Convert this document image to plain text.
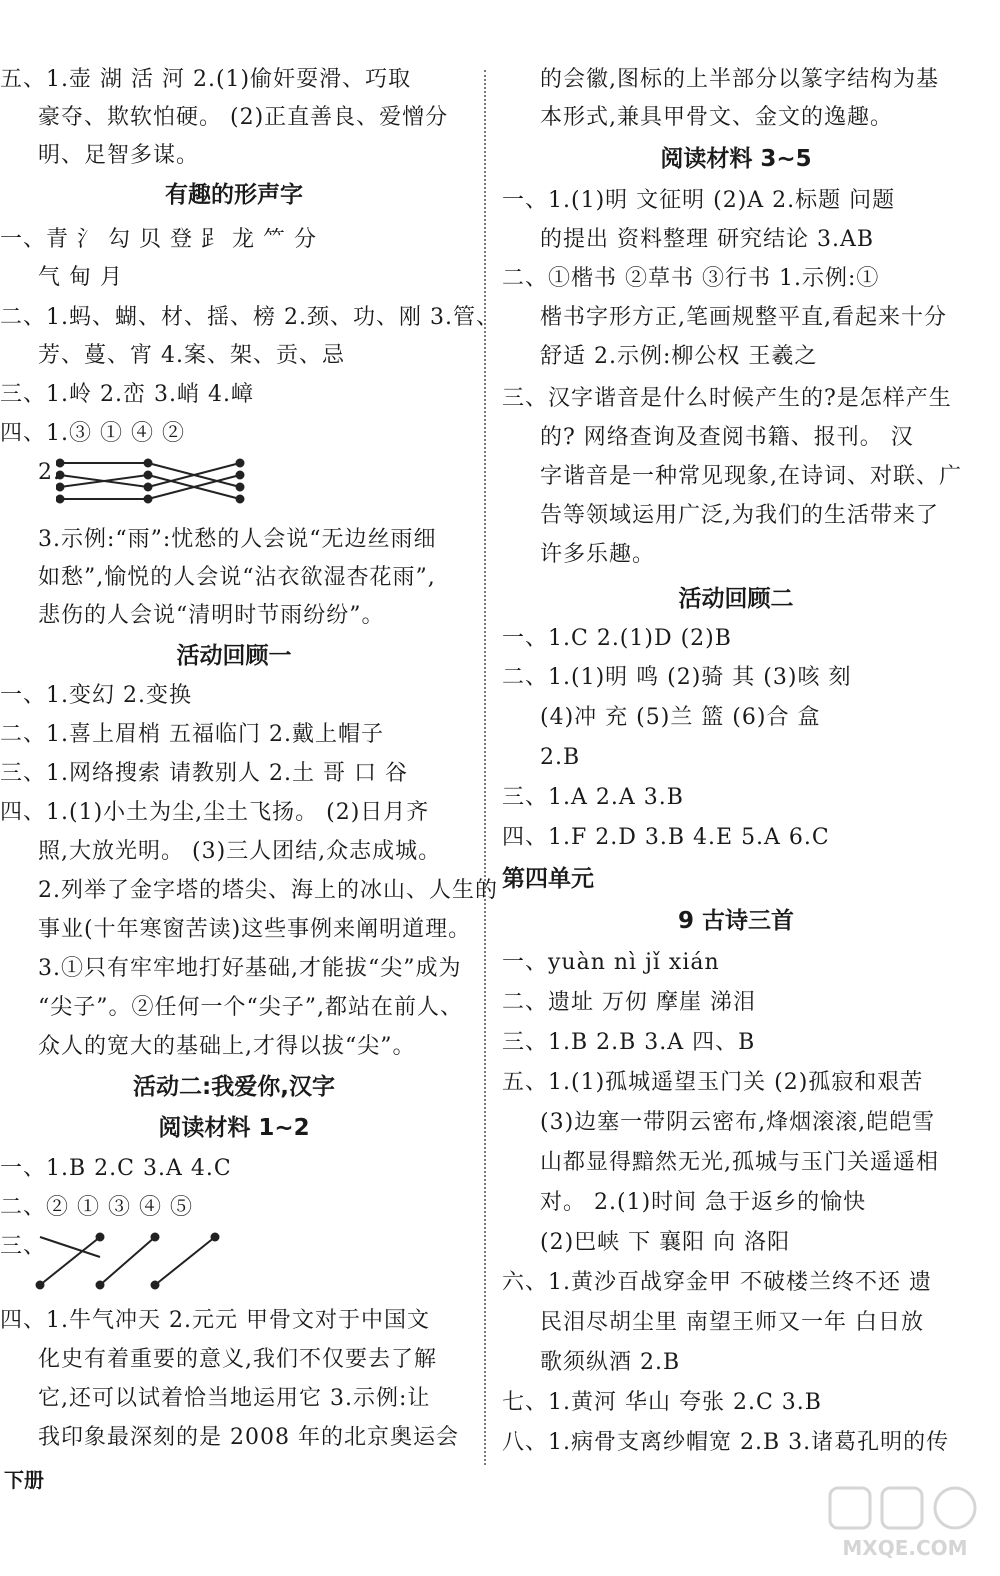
五、1.壶 湖 活 河 2.(1)偷奸耍滑、巧取
豪夺、欺软怕硬。 (2)正直善良、爱憎分
明、足智多谋。
一、青 氵 勾 贝 登 𧾷 龙 ⺮ 分
气 甸 月
二、1.蚂、蝴、材、揺、榜 2.颈、功、刚 3.管、
芳、蔓、宵 4.案、架、贡、忌
三、1.岭 2.峦 3.峭 4.嶂
四、1.③ ① ④ ②
2.
3.示例:“雨”:忧愁的人会说“无边丝雨细
如愁”,愉悦的人会说“沾衣欲湿杏花雨”,
悲伤的人会说“清明时节雨纷纷”。
一、1.变幻 2.变换
二、1.喜上眉梢 五福临门 2.戴上帽子
三、1.网络搜索 请教别人 2.土 哥 口 谷
四、1.(1)小土为尘,尘土飞扬。 (2)日月齐
照,大放光明。 (3)三人团结,众志成城。
2.列举了金字塔的塔尖、海上的冰山、人生的
事业(十年寒窗苦读)这些事例来阐明道理。
3.①只有牢牢地打好基础,才能拔“尖”成为
“尖子”。②任何一个“尖子”,都站在前人、
众人的宽大的基础上,才得以拔“尖”。
一、1.B 2.C 3.A 4.C
二、② ① ③ ④ ⑤
三、
四、1.牛气冲天 2.元元 甲骨文对于中国文
化史有着重要的意义,我们不仅要去了解
它,还可以试着恰当地运用它 3.示例:让
我印象最深刻的是 2008 年的北京奥运会
有趣的形声字
活动回顾一
活动二:我爱你,汉字
阅读材料 1~2
的会徽,图标的上半部分以篆字结构为基
本形式,兼具甲骨文、金文的逸趣。
一、1.(1)明 文征明 (2)A 2.标题 问题
的提出 资料整理 研究结论 3.AB
二、①楷书 ②草书 ③行书 1.示例:①
楷书字形方正,笔画规整平直,看起来十分
舒适 2.示例:柳公权 王羲之
三、汉字谐音是什么时候产生的?是怎样产生
的? 网络查询及查阅书籍、报刊。 汉
字谐音是一种常见现象,在诗词、对联、广
告等领域运用广泛,为我们的生活带来了
许多乐趣。
一、1.C 2.(1)D (2)B
二、1.(1)明 鸣 (2)骑 其 (3)咳 刻
(4)冲 充 (5)兰 篮 (6)合 盒
2.B
三、1.A 2.A 3.B
四、1.F 2.D 3.B 4.E 5.A 6.C
一、yuàn nì jǐ xián
二、遗址 万仞 摩崖 涕泪
三、1.B 2.B 3.A 四、B
五、1.(1)孤城遥望玉门关 (2)孤寂和艰苦
(3)边塞一带阴云密布,烽烟滚滚,皑皑雪
山都显得黯然无光,孤城与玉门关遥遥相
对。 2.(1)时间 急于返乡的愉快
(2)巴峡 下 襄阳 向 洛阳
六、1.黄沙百战穿金甲 不破楼兰终不还 遗
民泪尽胡尘里 南望王师又一年 白日放
歌须纵酒 2.B
七、1.黄河 华山 夸张 2.C 3.B
八、1.病骨支离纱帽宽 2.B 3.诸葛孔明的传
阅读材料 3~5
活动回顾二
第四单元
9 古诗三首
下册
MXQE.COM
